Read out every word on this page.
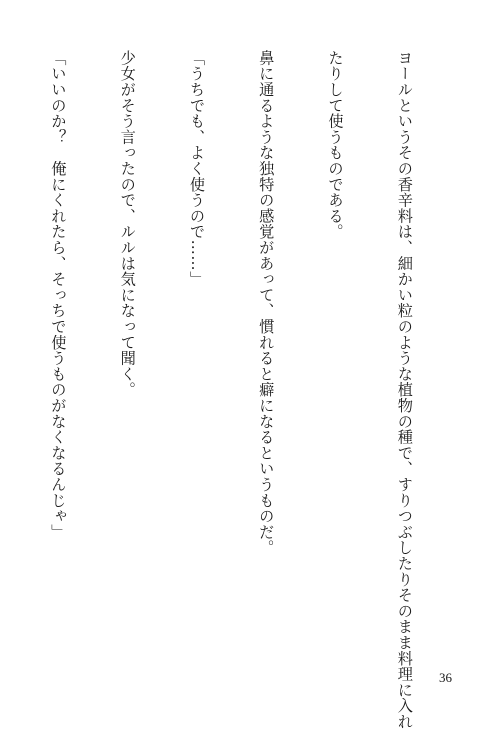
ヨールというその香辛料は、細かい粒のような植物の種で、すりつぶしたりそのまま料理に入れ

たりして使うものである。

鼻に通るような独特の感覚があって、慣れると癖になるというものだ。

「うちでも、よく使うので……」

少女がそう言ったので、ルルは気になって聞く。

「いいのか？　俺にくれたら、そっちで使うものがなくなるんじゃ」

36
